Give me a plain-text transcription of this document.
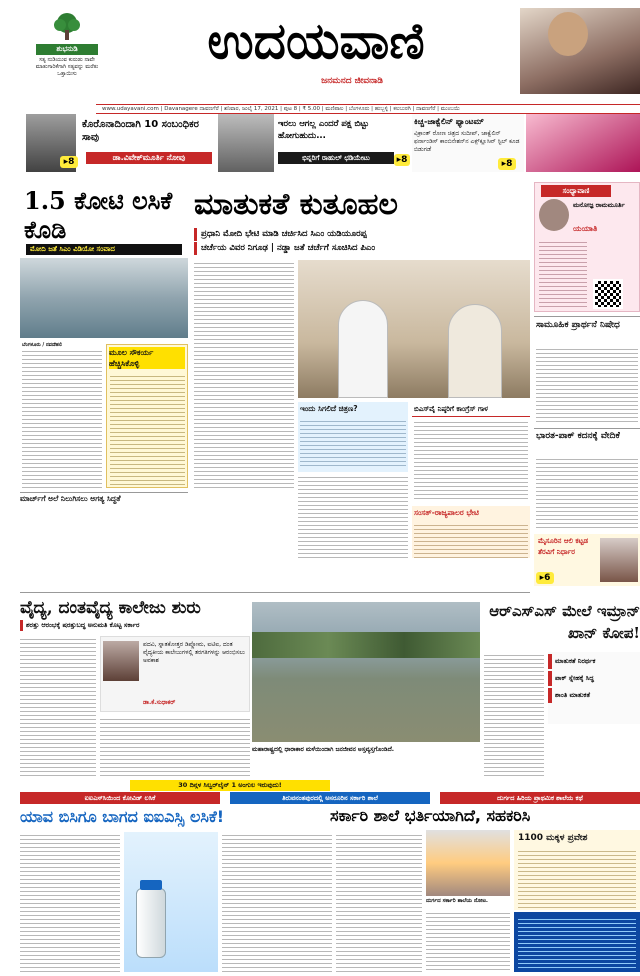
ಶುಭನುಡಿ
ಸತ್ಯ ನುಡಿಯುವ ಕುರುಡು ನಾವೇ ಮಾತುಗಾರಿಕೆಗಾಗಿ ಸತ್ಯವನ್ನು ಮರೆತು ಒತ್ತಾಯಿಸು
ಉದಯವಾಣಿ
ಜನಮನದ ಜೀವನಾಡಿ
www.udayavani.com | Davanagere ದಾವಣಗೆರೆ | ಶನಿವಾರ, ಜುಲೈ 17, 2021 | ಪುಟ 8 | ₹ 5.00 | ಮಣಿಪಾಲ | ಬೆಂಗಳೂರು | ಹುಬ್ಬಳ್ಳಿ | ಕಲಬುರಗಿ | ದಾವಣಗೆರೆ | ಮುಂಬಯಿ
ಕೊರೊನಾದಿಂದಾಗಿ 10 ಸಂಬಂಧಿಕರ ಸಾವು
ಡಾ.ವಿವೇಕ್‌ಮೂರ್ತಿ ನೋವು
▸8
ಇರಲು ಆಗಲ್ಲ ಎಂದರೆ ಪಕ್ಷ ಬಿಟ್ಟು ಹೋಗುಹುದು...
ಭಿನ್ನರಿಗೆ ರಾಹುಲ್ ಛಡಿಯೇಟು	▸8
ಕಿಚ್ಚ-ಜಾಕ್ವೆಲಿನ್ ಫ್ಯಾಂಟಮ್
ವಿಕ್ರಾಂತ್ ರೋಣ ಚಿತ್ರದ ಸುದೀಪ್, ಜಾಕ್ವೆಲಿನ್ ಫರ್ನಾಂಡಿಸ್ ಕಾಂಬಿನೇಶನ್‌ನ ಎಕ್ಸ್‌ಕ್ಲೂಸಿವ್ ಸ್ಟಿಲ್ ಕೂಡ ಬಿಡುಗಡೆ
▸8
1.5 ಕೋಟಿ ಲಸಿಕೆ ಕೊಡಿ
ಮೋದಿ ಜತೆ ಸಿಎಂ ವಿಡಿಯೋ ಸಂವಾದ
ಬೆಂಗಳೂರು / ನವದೆಹಲಿ
ಮೂಲ ಸೌಕರ್ಯ ಹೆಚ್ಚಿಸಿಕೊಳ್ಳಿ
ಮಾರ್ಚ್‌ಗೆ ಅಲೆ ನಿಲುಗಿಸಲು ಅಗತ್ಯ ಸಿದ್ಧತೆ
ಮಾತುಕತೆ ಕುತೂಹಲ
ಪ್ರಧಾನಿ ಮೋದಿ ಭೇಟಿ ಮಾಡಿ ಚರ್ಚಿಸಿದ ಸಿಎಂ ಯಡಿಯೂರಪ್ಪ
ಚರ್ಚೆಯ ವಿವರ ನಿಗೂಢ | ನಡ್ಡಾ ಜತೆ ಚರ್ಚೆಗೆ ಸೂಚಿಸಿದ ಪಿಎಂ
ಇಂದು ಸಿಗಲಿದೆ ಚಿತ್ರಣ?	ಬಿಎಸ್‌ವೈ ನಿಷ್ಠರಿಗೆ ಕಾಂಗ್ರೆಸ್ ಗಾಳ
ಸಂಸತ್-ರಾಜ್ಯಪಾಲರ ಭೇಟಿ
ಸಂಧ್ಯಾವಾಣಿ
ಮನೋಜ್ಞ ರಾಮಮೂರ್ತಿ
ಯಯಾತಿ
ಸಾಮೂಹಿಕ ಪ್ರಾರ್ಥನೆ ನಿಷೇಧ
ಭಾರತ-ಪಾಕ್ ಕದನಕ್ಕೆ ವೇದಿಕೆ
ಮೈಸೂರಿನ ಆಲಿ ಕಟ್ಟಡ ತೆರವಿಗೆ ನಿರ್ಧಾರ
▸6
ವೈದ್ಯ, ದಂತವೈದ್ಯ ಕಾಲೇಜು ಶುರು
ಶರತ್ತು ಆರಂಭಕ್ಕೆ ಷರತ್ತುಬದ್ಧ ಅನುಮತಿ ಕೊಟ್ಟ ಸರ್ಕಾರ
ಪದವಿ, ಸ್ನಾತಕೋತ್ತರ ಡಿಪ್ಲೋಮ, ಐಟಿಐ, ದಂತ ವೈದ್ಯಕೀಯ ಕಾಲೇಜುಗಳಲ್ಲಿ ತರಗತಿಗಳನ್ನು ಆರಂಭಿಸಲು ಅವಕಾಶ
ಡಾ.ಕೆ.ಸುಧಾಕರ್
ಮಹಾರಾಷ್ಟ್ರದಲ್ಲಿ ಧಾರಾಕಾರ ಮಳೆಯಿಂದಾಗಿ ಜನಜೀವನ ಅಸ್ತವ್ಯಸ್ತಗೊಂಡಿದೆ.
ಆರ್‌ಎಸ್‌ಎಸ್ ಮೇಲೆ ಇಮ್ರಾನ್ ಖಾನ್ ಕೋಪ!
ಮಾತುಕತೆ ನಿರರ್ಥಕ
ಪಾಕ್ ಸ್ನೇಹಕ್ಕೆ ಸಿದ್ಧ
ಶಾಂತಿ ಮಾತುಕತೆ
30 ದಿನ್ಗಳ ಸಿಲ್ವರ್‌ಲೈನ್ 1 ಅಂಗುಲ ಇರುವುದು!
ಐಐಎಸ್‌ಸಿಯಿಂದ ಕೋವಿಡ್ ಲಸಿಕೆ	ತಿರುವನಂತಪುರದಲ್ಲಿ ಅಸರೂರಿನ ಸರ್ಕಾರಿ ಶಾಲೆ	ದುರ್ಗದ ಹಿರಿಯ ಪ್ರಾಥಮಿಕ ಶಾಲೆಯ ಕಥೆ
ಯಾವ ಬಿಸಿಗೂ ಬಾಗದ ಐಐಎಸ್ಸಿ ಲಸಿಕೆ!	ಸರ್ಕಾರಿ ಶಾಲೆ ಭರ್ತಿಯಾಗಿದೆ, ಸಹಕರಿಸಿ
ದುರ್ಗದ ಸರ್ಕಾರಿ ಶಾಲೆಯ ನೋಟ.
1100 ಮಕ್ಕಳ ಪ್ರವೇಶ
